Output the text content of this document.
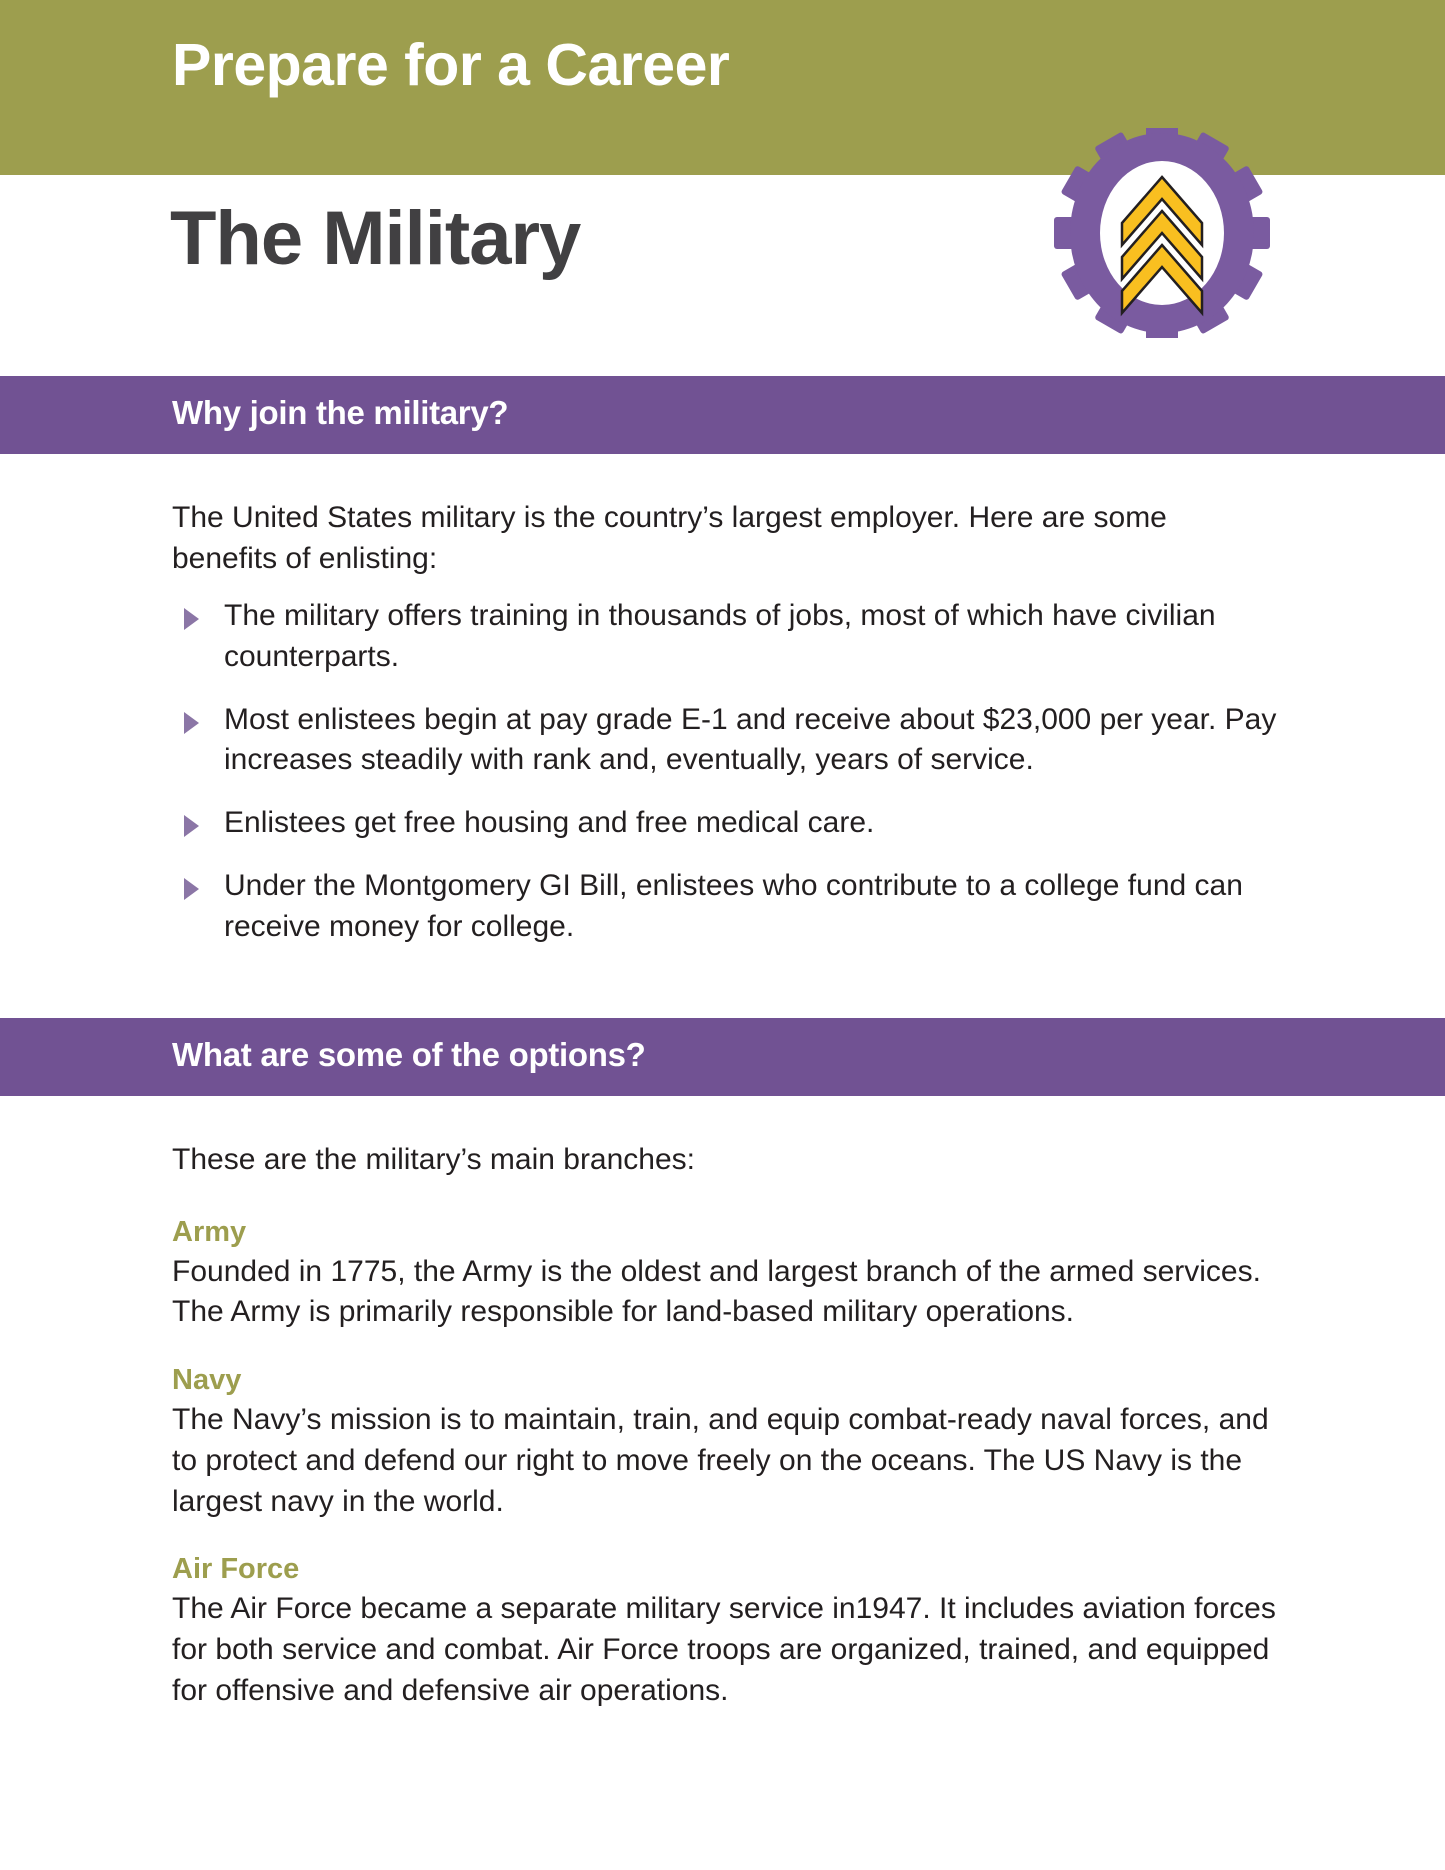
Prepare for a Career
The Military
Why join the military?
The United States military is the country’s largest employer. Here are some benefits of enlisting:
The military offers training in thousands of jobs, most of which have civilian counterparts.
Most enlistees begin at pay grade E-1 and receive about $23,000 per year. Pay increases steadily with rank and, eventually, years of service.
Enlistees get free housing and free medical care.
Under the Montgomery GI Bill, enlistees who contribute to a college fund can receive money for college.
What are some of the options?
These are the military’s main branches:
Army
Founded in 1775, the Army is the oldest and largest branch of the armed services. The Army is primarily responsible for land-based military operations.
Navy
The Navy’s mission is to maintain, train, and equip combat-ready naval forces, and to protect and defend our right to move freely on the oceans. The US Navy is the largest navy in the world.
Air Force
The Air Force became a separate military service in1947. It includes aviation forces for both service and combat. Air Force troops are organized, trained, and equipped for offensive and defensive air operations.
